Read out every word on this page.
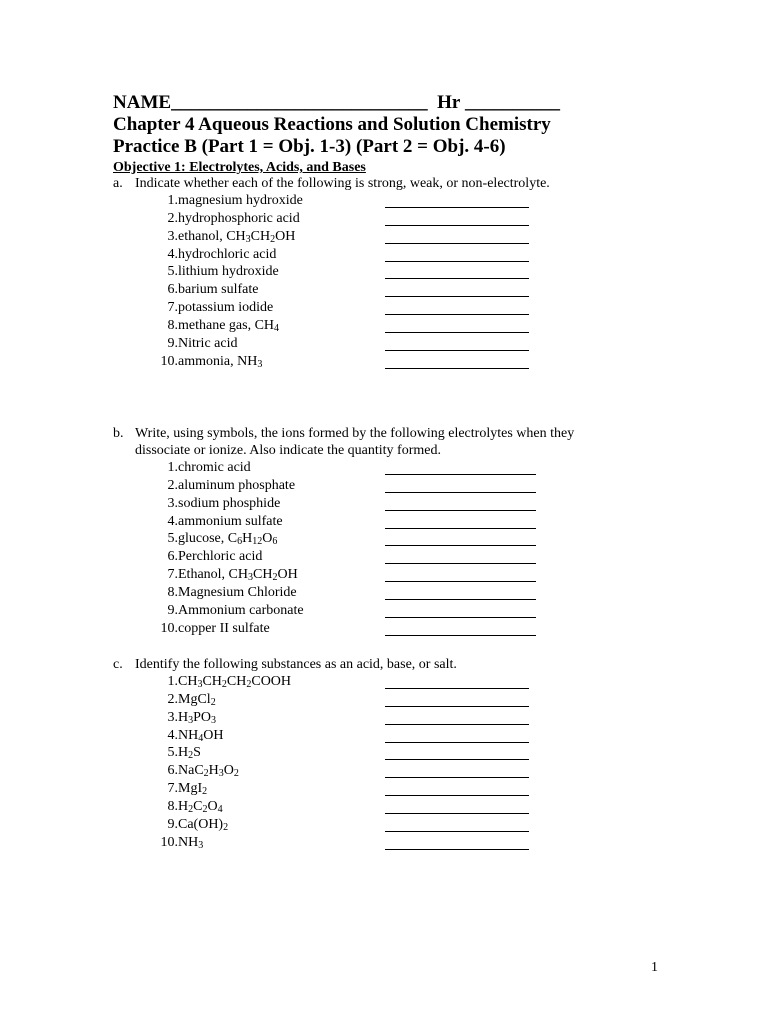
NAME___________________________ Hr __________
Chapter 4 Aqueous Reactions and Solution Chemistry
Practice B (Part 1 = Obj. 1-3) (Part 2 = Obj. 4-6)
Objective 1: Electrolytes, Acids, and Bases
a. Indicate whether each of the following is strong, weak, or non-electrolyte.
1. magnesium hydroxide
2. hydrophosphoric acid
3. ethanol, $CH_3CH_2OH$
4. hydrochloric acid
5. lithium hydroxide
6. barium sulfate
7. potassium iodide
8. methane gas, $CH_4$
9. Nitric acid
10. ammonia, $NH_3$
b. Write, using symbols, the ions formed by the following electrolytes when they
dissociate or ionize. Also indicate the quantity formed.
1. chromic acid
2. aluminum phosphate
3. sodium phosphide
4. ammonium sulfate
5. glucose, $C_6H_{12}O_6$
6. Perchloric acid
7. Ethanol, $CH_3CH_2OH$
8. Magnesium Chloride
9. Ammonium carbonate
10. copper II sulfate
c. Identify the following substances as an acid, base, or salt.
1. $CH_3CH_2CH_2COOH$
2. MgCl$_2$
3. $H_3PO_3$
4. $NH_4OH$
5. $H_2S$
6. $NaC_2H_3O_2$
7. MgI$_2$
8. $H_2C_2O_4$
9. $Ca(OH)_2$
10. $NH_3$
1
